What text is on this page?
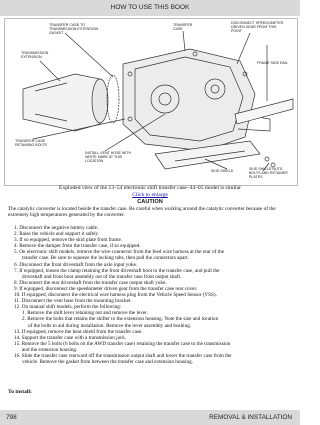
HOW TO USE THIS BOOK
TRANSFER CASE TO TRANSMISSION EXTENSION GASKET
TRANSFER CASE
DISCONNECT SPEEDOMETER DRIVEN GEAR FROM THIS POINT
TRANSMISSION EXTENSION
FRAME SIDE RAIL
TRANSFER CASE RETAINING BOLTS
INSTALL VENT HOSE WITH WHITE MARK AT THIS LOCATION
SKID SHIELD	SKID SHIELD NUTS, BOLTS AND RETAINER PLATES
Exploded view of the 13–54 electronic shift transfer case–44–05 model is similar
Click to enlarge
CAUTION
The catalytic converter is located beside the transfer case. Be careful when working around the catalytic converter because of the extremely high temperatures generated by the converter.
1. Disconnect the negative battery cable.
2. Raise the vehicle and support it safely.
3. If so equipped, remove the skid plate from frame.
4. Remove the damper from the transfer case, if so equipped.
5. On electronic shift models, remove the wire connector from the feed wire harness at the rear of the
transfer case. Be sure to squeeze the locking tabs, then pull the connectors apart.
6. Disconnect the front driveshaft from the axle input yoke.
7. If equipped, loosen the clamp retaining the front driveshaft boot to the transfer case, and pull the
driveshaft and front boot assembly out of the transfer case front output shaft.
8. Disconnect the rear driveshaft from the transfer case output shaft yoke.
9. If equipped, disconnect the speedometer driven gear from the transfer case rear cover.
10. If equipped, disconnect the electrical wire harness plug from the Vehicle Speed Sensor (VSS).
11. Disconnect the vent hose from the mounting bracket.
12. On manual shift models, perform the following:
1. Remove the shift lever retaining nut and remove the lever.
2. Remove the bolts that retains the shifter to the extension housing. Note the size and location
of the bolts to aid during installation. Remove the lever assembly and bushing.
13. If equipped, remove the heat shield from the transfer case.
14. Support the transfer case with a transmission jack.
15. Remove the 5 bolts (6 bolts on the AWD transfer case) retaining the transfer case to the transmission
and the extension housing.
16. Slide the transfer case rearward off the transmission output shaft and lower the transfer case from the
vehicle. Remove the gasket from between the transfer case and extension housing.
To install:
798	REMOVAL & INSTALLATION
